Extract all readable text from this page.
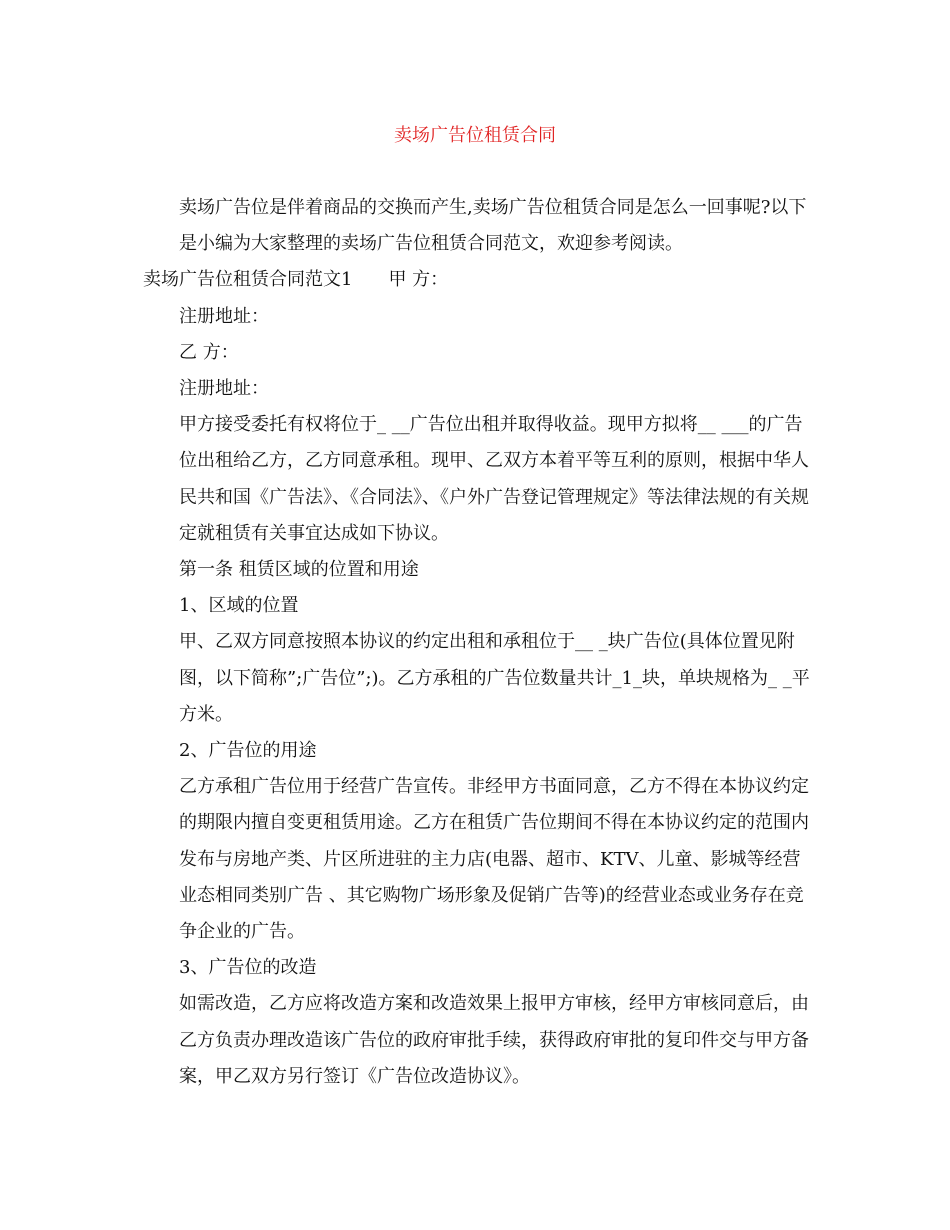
卖场广告位租赁合同

卖场广告位是伴着商品的交换而产生,卖场广告位租赁合同是怎么一回事呢?以下是小编为大家整理的卖场广告位租赁合同范文，欢迎参考阅读。

卖场广告位租赁合同范文1　　甲 方：

注册地址：

乙 方：

注册地址：

甲方接受委托有权将位于_ __广告位出租并取得收益。现甲方拟将__ ___的广告位出租给乙方，乙方同意承租。现甲、乙双方本着平等互利的原则，根据中华人民共和国《广告法》、《合同法》、《户外广告登记管理规定》等法律法规的有关规定就租赁有关事宜达成如下协议。

第一条 租赁区域的位置和用途

1、区域的位置

甲、乙双方同意按照本协议的约定出租和承租位于__ _块广告位(具体位置见附图，以下简称”;广告位”;)。乙方承租的广告位数量共计_1_块，单块规格为_ _平方米。

2、广告位的用途

乙方承租广告位用于经营广告宣传。非经甲方书面同意，乙方不得在本协议约定的期限内擅自变更租赁用途。乙方在租赁广告位期间不得在本协议约定的范围内发布与房地产类、片区所进驻的主力店(电器、超市、KTV、儿童、影城等经营业态相同类别广告 、其它购物广场形象及促销广告等)的经营业态或业务存在竞争企业的广告。

3、广告位的改造

如需改造，乙方应将改造方案和改造效果上报甲方审核，经甲方审核同意后，由乙方负责办理改造该广告位的政府审批手续，获得政府审批的复印件交与甲方备案，甲乙双方另行签订《广告位改造协议》。
